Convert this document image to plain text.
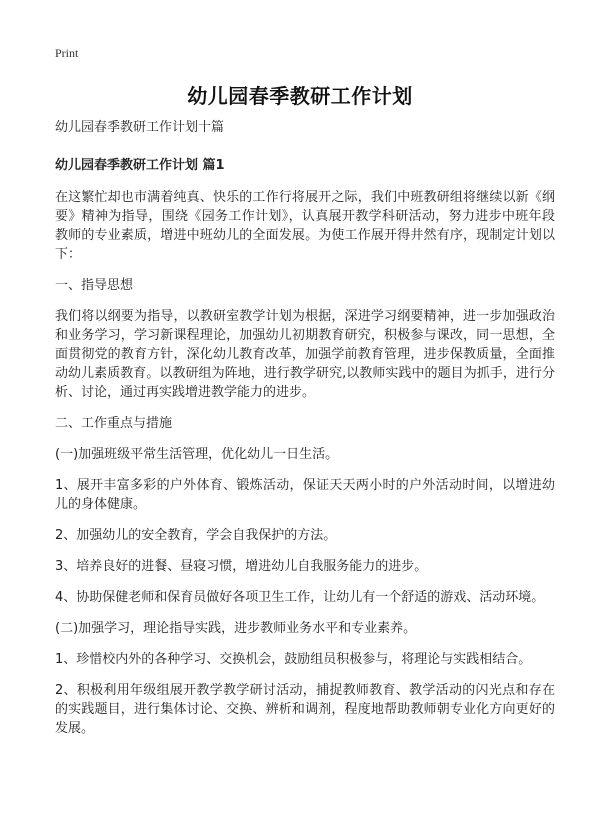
Print
幼儿园春季教研工作计划
幼儿园春季教研工作计划十篇
幼儿园春季教研工作计划 篇1

在这繁忙却也市满着纯真、快乐的工作行将展开之际，我们中班教研组将继续以新《纲要》精神为指导，围绕《园务工作计划》，认真展开教学科研活动，努力进步中班年段教师的专业素质，增进中班幼儿的全面发展。为使工作展开得井然有序，现制定计划以下：

一、指导思想

我们将以纲要为指导，以教研室教学计划为根据，深进学习纲要精神，进一步加强政治和业务学习，学习新课程理论，加强幼儿初期教育研究，积极参与课改，同一思想，全面贯彻党的教育方针，深化幼儿教育改革，加强学前教育管理，进步保教质量，全面推动幼儿素质教育。以教研组为阵地，进行教学研究,以教师实践中的题目为抓手，进行分析、讨论，通过再实践增进教学能力的进步。

二、工作重点与措施

(一)加强班级平常生活管理，优化幼儿一日生活。

1、展开丰富多彩的户外体育、锻炼活动，保证天天两小时的户外活动时间，以增进幼儿的身体健康。

2、加强幼儿的安全教育，学会自我保护的方法。

3、培养良好的进餐、昼寝习惯，增进幼儿自我服务能力的进步。

4、协助保健老师和保育员做好各项卫生工作，让幼儿有一个舒适的游戏、活动环境。

(二)加强学习，理论指导实践，进步教师业务水平和专业素养。

1、珍惜校内外的各种学习、交换机会，鼓励组员积极参与，将理论与实践相结合。

2、积极利用年级组展开教学教学研讨活动，捕捉教师教育、教学活动的闪光点和存在的实践题目，进行集体讨论、交换、辨析和调剂，程度地帮助教师朝专业化方向更好的发展。
